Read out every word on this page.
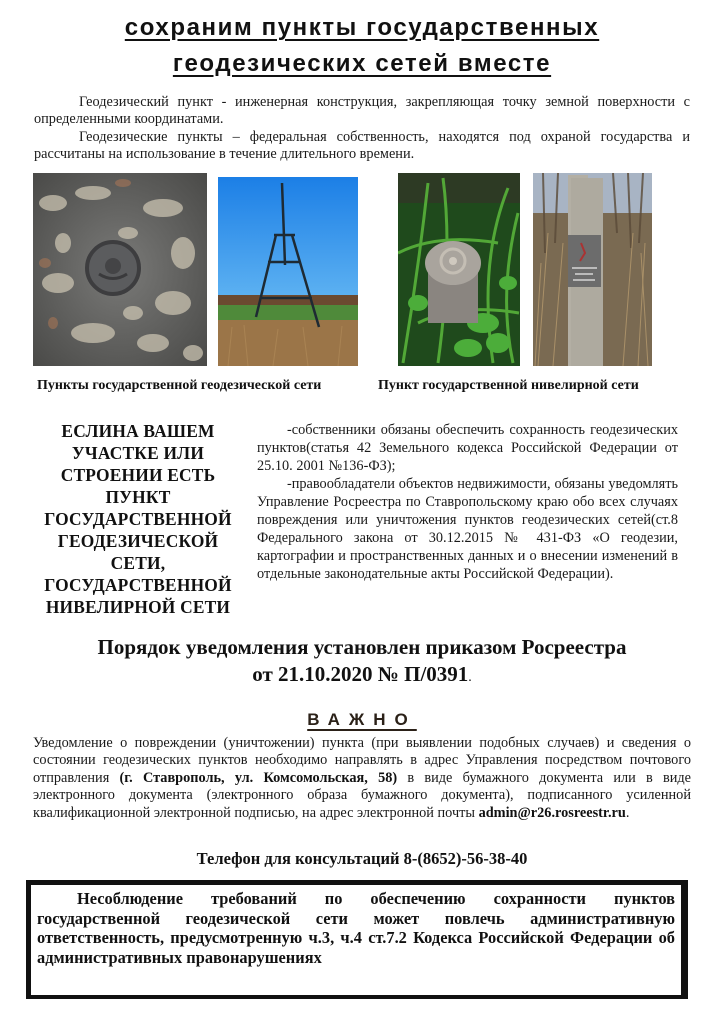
сохраним пункты государственных
геодезических сетей вместе
Геодезический пункт - инженерная конструкция, закрепляющая точку земной поверхности с определенными координатами.
Геодезические пункты – федеральная собственность, находятся под охраной государства и рассчитаны на использование в течение длительного времени.
Пункты государственной геодезической сети	Пункт государственной нивелирной сети
ЕСЛИНА ВАШЕМ
УЧАСТКЕ ИЛИ
СТРОЕНИИ ЕСТЬ
ПУНКТ
ГОСУДАРСТВЕННОЙ
ГЕОДЕЗИЧЕСКОЙ
СЕТИ,
ГОСУДАРСТВЕННОЙ
НИВЕЛИРНОЙ СЕТИ

-собственники обязаны обеспечить сохранность геодезических пунктов(статья 42 Земельного кодекса Российской Федерации от 25.10. 2001 №136-ФЗ);

-правообладатели объектов недвижимости, обязаны уведомлять Управление Росреестра по Ставропольскому краю обо всех случаях повреждения или уничтожения пунктов геодезических сетей(ст.8 Федерального закона от 30.12.2015 № 431-ФЗ «О геодезии, картографии и пространственных данных и о внесении изменений в отдельные законодательные акты Российской Федерации).

Порядок уведомления установлен приказом Росреестра
от 21.10.2020 № П/0391.
ВАЖНО
Уведомление о повреждении (уничтожении) пункта (при выявлении подобных случаев) и сведения о состоянии геодезических пунктов необходимо направлять в адрес Управления посредством почтового отправления (г. Ставрополь, ул. Комсомольская, 58) в виде бумажного документа или в виде электронного документа (электронного образа бумажного документа), подписанного усиленной квалификационной электронной подписью, на адрес электронной почты admin@r26.rosreestr.ru.
Телефон для консультаций 8-(8652)-56-38-40

Несоблюдение требований по обеспечению сохранности пунктов государственной геодезической сети может повлечь административную ответственность, предусмотренную ч.3, ч.4 ст.7.2 Кодекса Российской Федерации об административных правонарушениях
